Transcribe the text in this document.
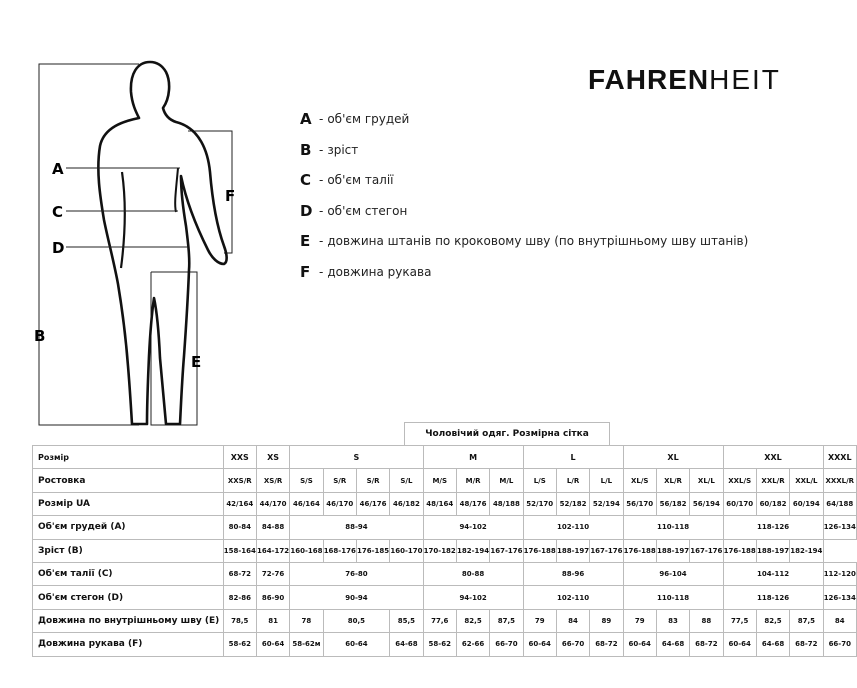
A
C
D
B
E
F
FAHRENHEIT
A - об'єм грудей
B - зріст
C - об'єм талії
D - об'єм стегон
E - довжина штанів по кроковому шву (по внутрішньому шву штанів)
F - довжина рукава
Чоловічий одяг. Розмірна сітка
Розмір	XXS	XS	S				M			L			XL			XXL			XXXL
Ростовка	XXS/R	XS/R	S/S	S/R	S/R	S/L	M/S	M/R	M/L	L/S	L/R	L/L	XL/S	XL/R	XL/L	XXL/S	XXL/R	XXL/L	XXXL/R
Розмір UA	42/164	44/170	46/164	46/170	46/176	46/182	48/164	48/176	48/188	52/170	52/182	52/194	56/170	56/182	56/194	60/170	60/182	60/194	64/188
Об'єм грудей (А)	80-84	84-88	88-94				94-102			102-110			110-118			118-126			126-134
Зріст (B)	158-164	164-172	160-168	168-176	176-185	160-170	170-182	182-194	167-176	176-188	188-197	167-176	176-188	188-197	167-176	176-188	188-197	182-194	
Об'єм талії (C)	68-72	72-76	76-80				80-88			88-96			96-104			104-112			112-120
Об'єм стегон (D)	82-86	86-90	90-94				94-102			102-110			110-118			118-126			126-134
Довжина по внутрішньому шву (E)	78,5	81	78	80,5		85,5	77,6	82,5	87,5	79	84	89	79	83	88	77,5	82,5	87,5	84
Довжина рукава (F)	58-62	60-64	58-62м	60-64		64-68	58-62	62-66	66-70	60-64	66-70	68-72	60-64	64-68	68-72	60-64	64-68	68-72	66-70
